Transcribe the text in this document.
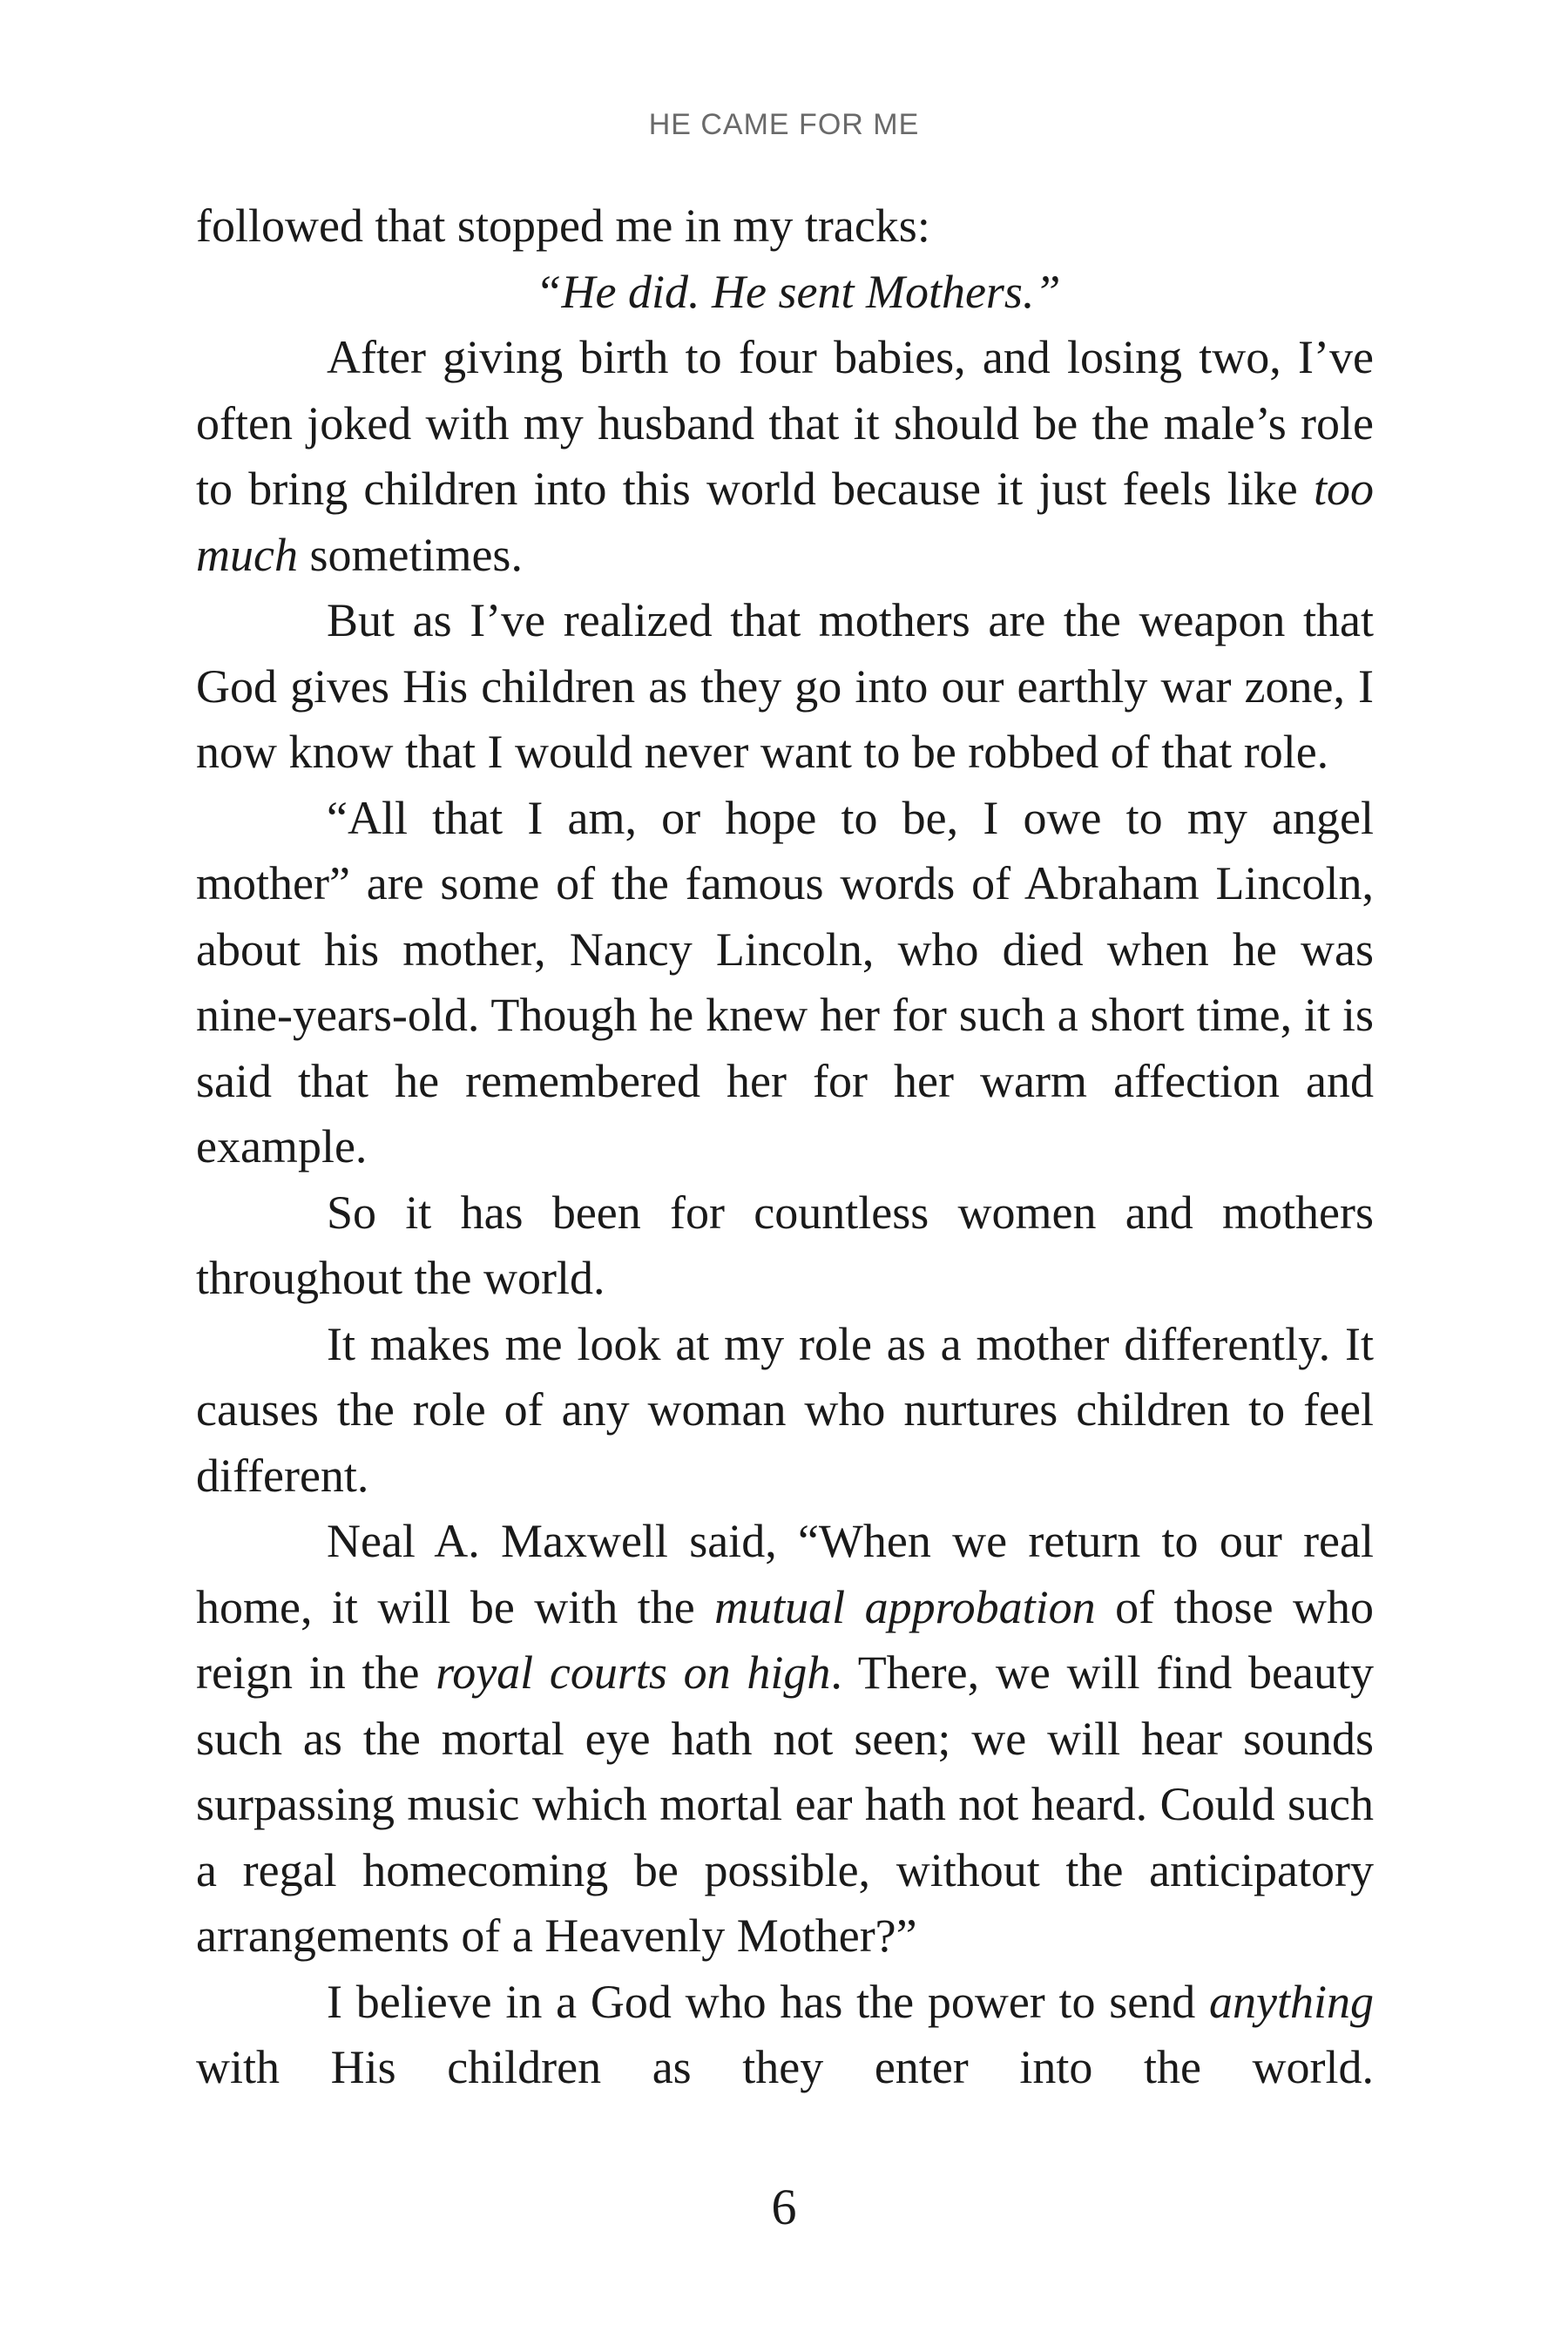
HE CAME FOR ME

followed that stopped me in my tracks:

“He did. He sent Mothers.”

After giving birth to four babies, and losing two, I’ve often joked with my husband that it should be the male’s role to bring children into this world because it just feels like too much sometimes.

But as I’ve realized that mothers are the weapon that God gives His children as they go into our earthly war zone, I now know that I would never want to be robbed of that role.

“All that I am, or hope to be, I owe to my angel mother” are some of the famous words of Abraham Lincoln, about his mother, Nancy Lincoln, who died when he was nine-years-old. Though he knew her for such a short time, it is said that he remembered her for her warm affection and example.

So it has been for countless women and mothers throughout the world.

It makes me look at my role as a mother differently. It causes the role of any woman who nurtures children to feel different.

Neal A. Maxwell said, “When we return to our real home, it will be with the mutual approbation of those who reign in the royal courts on high. There, we will find beauty such as the mortal eye hath not seen; we will hear sounds surpassing music which mortal ear hath not heard. Could such a regal homecoming be possible, without the anticipatory arrangements of a Heavenly Mother?”

I believe in a God who has the power to send anything with His children as they enter into the world.

6
